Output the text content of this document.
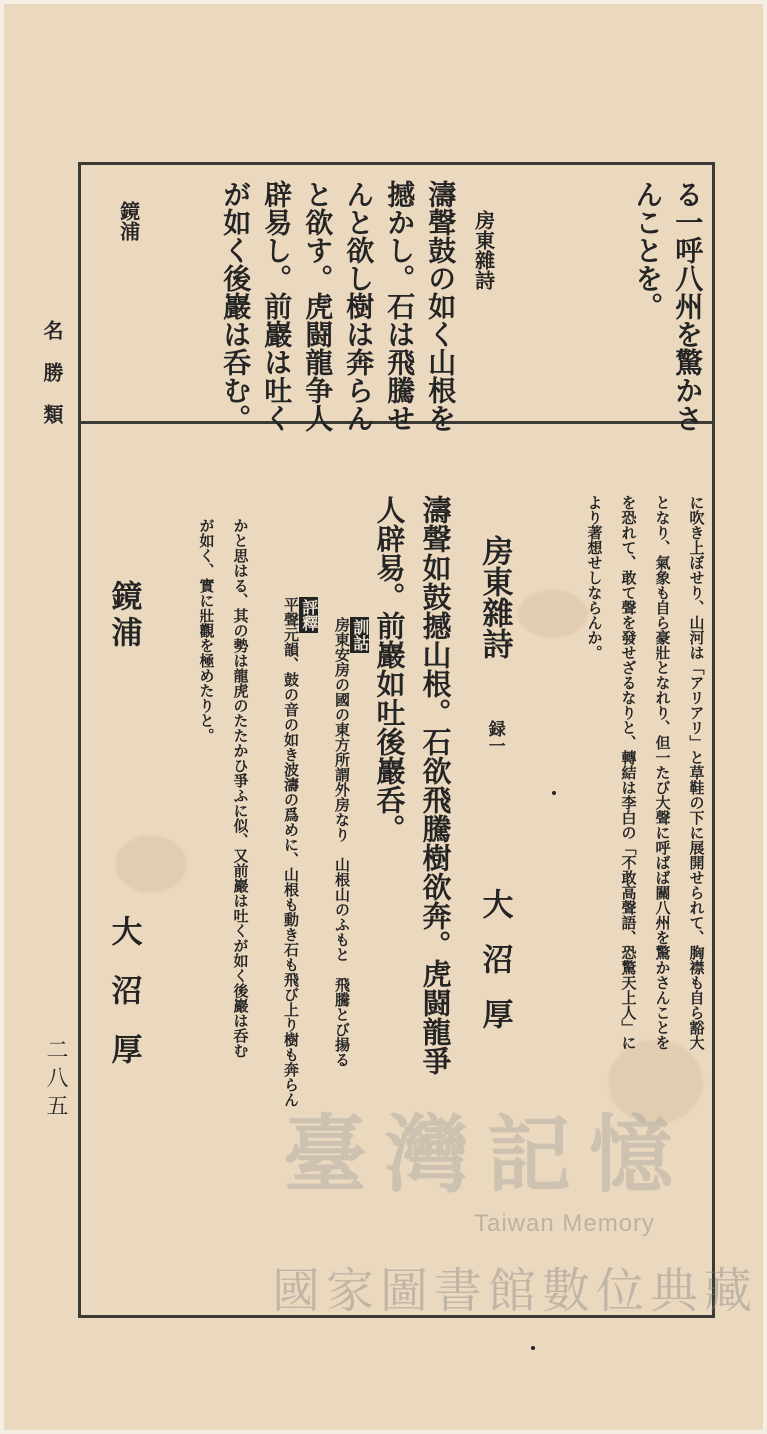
名勝類
二八五
る一呼八州を驚かさ
んことを。
房東雜詩
濤聲鼓の如く山根を
撼かし。石は飛騰せ
んと欲し樹は奔らん
と欲す。虎闘龍争人
辟易し。前巖は吐く
が如く後巖は呑む。
鏡浦
に吹き上ぼせり、山河は「アリアリ」と草鞋の下に展開せられて、胸襟も自ら豁大
となり、氣象も自ら豪壯となれり、但一たび大聲に呼ばば關八州を驚かさんことを
を恐れて、敢て聲を發せざるなりと、轉結は李白の「不敢高聲語、恐驚天上人」に
より著想せしならんか。
房東雜詩
録一
大沼厚
濤聲如鼓撼山根。石欲飛騰樹欲奔。虎闘龍爭
人辟易。前巖如吐後巖呑。

訓詁
房東安房の國の東方所謂外房なり　山根山のふもと　飛騰とび揚る

評釋
平聲元韻、鼓の音の如き波濤の爲めに、山根も動き石も飛び上り樹も奔らん

かと思はる、其の勢は龍虎のたたかひ爭ふに似、又前巖は吐くが如く後巖は呑む
が如く、實に壯觀を極めたりと。
鏡浦
大沼厚
臺灣記憶
Taiwan Memory
國家圖書館數位典藏
